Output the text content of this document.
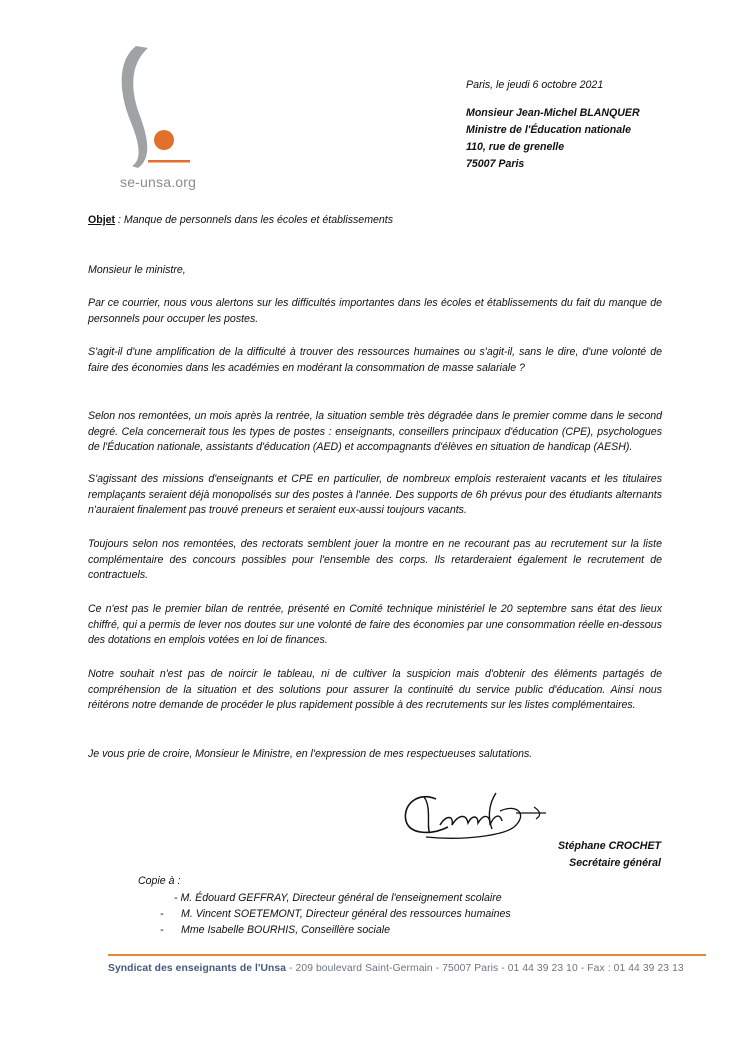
se-unsa.org
Paris, le jeudi 6 octobre 2021
Monsieur Jean-Michel BLANQUER
Ministre de l'Éducation nationale
110, rue de grenelle
75007 Paris
Objet : Manque de personnels dans les écoles et établissements

Monsieur le ministre,

Par ce courrier, nous vous alertons sur les difficultés importantes dans les écoles et établissements du fait du manque de personnels pour occuper les postes.

S'agit-il d'une amplification de la difficulté à trouver des ressources humaines ou s'agit-il, sans le dire, d'une volonté de faire des économies dans les académies en modérant la consommation de masse salariale ?

Selon nos remontées, un mois après la rentrée, la situation semble très dégradée dans le premier comme dans le second degré. Cela concernerait tous les types de postes : enseignants, conseillers principaux d'éducation (CPE), psychologues de l'Éducation nationale, assistants d'éducation (AED) et accompagnants d'élèves en situation de handicap (AESH).

S'agissant des missions d'enseignants et CPE en particulier, de nombreux emplois resteraient vacants et les titulaires remplaçants seraient déjà monopolisés sur des postes à l'année. Des supports de 6h prévus pour des étudiants alternants n'auraient finalement pas trouvé preneurs et seraient eux-aussi toujours vacants.

Toujours selon nos remontées, des rectorats semblent jouer la montre en ne recourant pas au recrutement sur la liste complémentaire des concours possibles pour l'ensemble des corps. Ils retarderaient également le recrutement de contractuels.

Ce n'est pas le premier bilan de rentrée, présenté en Comité technique ministériel le 20 septembre sans état des lieux chiffré, qui a permis de lever nos doutes sur une volonté de faire des économies par une consommation réelle en-dessous des dotations en emplois votées en loi de finances.

Notre souhait n'est pas de noircir le tableau, ni de cultiver la suspicion mais d'obtenir des éléments partagés de compréhension de la situation et des solutions pour assurer la continuité du service public d'éducation. Ainsi nous réitérons notre demande de procéder le plus rapidement possible à des recrutements sur les listes complémentaires.

Je vous prie de croire, Monsieur le Ministre, en l'expression de mes respectueuses salutations.

Stéphane CROCHET
Secrétaire général
Copie à :
- M. Édouard GEFFRAY, Directeur général de l'enseignement scolaire
- M. Vincent SOETEMONT, Directeur général des ressources humaines
- Mme Isabelle BOURHIS, Conseillère sociale
Syndicat des enseignants de l'Unsa - 209 boulevard Saint-Germain - 75007 Paris - 01 44 39 23 10 - Fax : 01 44 39 23 13
